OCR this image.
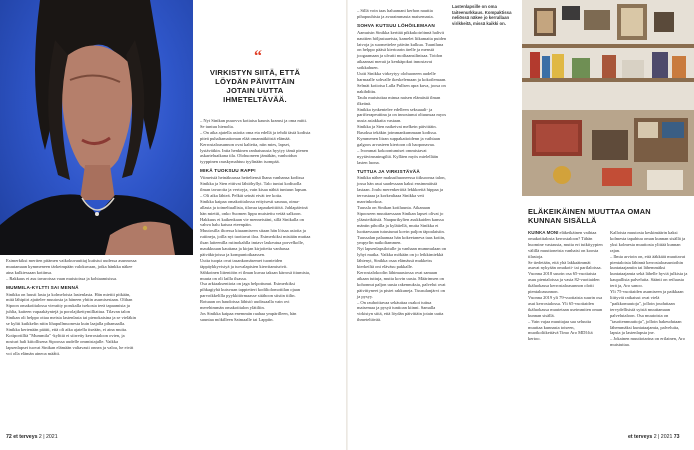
Lastenlapsille on oma taiteenurkkaus. Kompaktissa neliössä näkee jo kerrallaan virikkeitä, missä kaikki on.
“
VIRKISTYN SIITÄ, ETTÄ LÖYDÄN PÄIVITTÄIN JOTAIN UUTTA IHMETELTÄVÄÄ.

Esimerkiksi meriten pitämen vaikokuvauttiaj kutistui uudessa asunnossa muutamaan kymmeneen tärkeimpään valokuvaan, jotka hänkka näkee aina kulkiessaan kotiinsa.

– Rakkaus ei asu tavaroissa vaan muistoissa ja kohtaamisissa.

MUMMILA-KYLTTI SAI MENNÄ

Sinikka on luusti lasta ja kolmeloista lastenlasta. Hän miettii pitkään, mitä lähipiiri ajattelee muutosta ja häneen yhtiin asumisestaan. Olihan Sipoon omakotitalossa vieraitty porukalla tsekosta teeä tapaamisia ja juhlia, kaiteen vapaakäyntejä ja porolajikettymilliattua. Tilavan talon Sinikan oli helppo ottaa meista lastenlasta tai pienokaisina ja se vieläkin se kyltti kuikkelin nitin lihapullmuonesta kuin laajalla pihamaalla.

Sinikka kertenään päätti, että oli aika ajatella itseään, ei aina muita. Kotiportilliä "Mummila" -kylttiä ei siirretty kerrostaloon ovien, ja nosturi hali kiitollisena Sipoossa uudelle ommistajalle. Vaikka lapsenlapset tuovat Sinikan elämään valtavasti onnea ja valoa, he eivät voi olla elämän aineoa mäåtti.

– Nyt Sinikan puuovva kotiaisa kaunis kramsi ja oma mitti. Se tuntuu hienolta.

– On aika ajatella asioita oma eta edellä ja tehdä tästä kodista piteä puhaltamattoman elää omannäköistä elämää.

Kerrostaloasunnon ovat kalteita, niin mies, lapset, lystävätkin. Intia henkinen ranhaisuusta hyytyy tämä pienen askarteluaikana tila. Olohuoneen jämäkän, vanhoidun tyyppinen rauskymahtuu tyylinään isompää.

MIKÄ TUOKSUU RAPP!

Viimeisiä heinäkuussa heiteltensä lhana vanhansa kodissa Sinikka ja Sten eittivat lähtöhyllyt. Talo tuntui kodiuolla ilman tavaroita ja vertoyja, vain kisaa nähtä tuntuun lapsan.

– Oli aika lähteä. Pelkät seinät eivät tee kotia.

Sinikka kaipaa omakotitalossa erityisesti saunaa, oima- allasta ja toimeltuallista, tilavaa tapaukeittiötä. Juhlapäivinä hän miettii, onko Suomen lippu muistettu vetää salkoon. Hakkuus ei kaikenkaan vie menneistäni, sillä Sinikalla on vahva halu katsoa eteenpäin.

Muutosilla iltoessa kiuaamiseen sitaan hän löisaa asioita ja rutiineja, joilla nyt tuottavat iloa. Esimerkiksi mistään muttaa ilsan laiteenilla rutinokahlla imtavr laskeutua porvelkolle, maukkuuan kauttana ja kirjan kirjoitetta vanhassa päiväkirjoissa ja kompuntoikaassen.

Uutta tuopia ovat tasankomäsemet tuonteiden täppäykkyvistyä ja turvalapisien kierritamisrivit.

Sähkoinen liitentöön ei ilman kuvaa taksan kärrosä ittumista, muuta on oli lailla ilsassa.

Osa arkiaaksentiota on jaga helpottunut. Esimerkiksi pihkagiyhä kutsvuan tapptetteri kodiliolomottilan ojaan parvoikkelilla pyykkitörmaasse sitähoon siistin tiilin.

Rotuaan on haudoissa lähistö uudissaalla vain ovi merehimmän omakotitalon ylätiliin.

Jos Sinikka kaipaa enemmän raahaa ympärilleen, hän suuntaa mökilleen Saimaalle tai Lappiin.

– Sillä voin taas haluamani kerhon nauttia pihapuuhista ja avaraimmasta maisemasta.

SOHVA KUTSUU LÖHÖILEMAAN

Aamuisin Sinikka kerttää pikkukoiröinnä haltvit nauttien höljastuaeista, kamelet liikamaita puiden latvoja ja suomettelee päivän kulkua. Tuuniluna on helppo pääsä kiertoarin ärelle ja menstä joogaamaan ja ulvatti moiltaansilinisaa. Toidon aikaansat meraä ja kenkäpokut innostavat sotkkahuen.

Uutti Sinikka virkeytyy olohuoneen audelle harmaalle sohvalle ikeskelemaan ja kokoilemaan.

Selmät kotiotsa Lalla Pullsen apra kuva, joosa on nakihdittu.

Taulu muistuttaa minua naisen elämästä ilman ilkeänä.

Sinikka tynkentelee edelleen seksuaali- ja parifterapeuttina ja on innostunut oltuunsaa myos uusia asiakkaita vastaan.

Sinikka ja Sten naikeivat melkein päivittäin. Basoksa tekäkin joimmankummaan kodissa. Kymmenen litran suppakattoidenn ja vaihtaan galgoos arvasteen kiertoon oli haoponavaa.

– Ivommat kokoontumiset ommistavat nyytävimsnimgiltä. Kylläen myös mielellään lasten luona.

TUTTUA JA VIRKISTÄVÄÄ

Sinikka nähee maksuihuoneessa tiiksoonsa talon, jossa hän asui saadessaan kaksi ensimmäistä lastaan. Joulu merenkeriöiä lekkkreitä hippaa ja tervastaaa ja korkealtaaa Sinikka veti marrinkorkoa.

Tuussla on Sinikan kotiluunta. Aikanaan Sipooseen muuttaessaan Sinikan lapset olivat jo yläasteikäisiä. Naapurikylien asukkaiden kanssa mäntin pihoilla ja kylätiellä, mutta Sinikka ei luottaessaan tutustunut kovin paljon täpoalaisiin. Tuussalan palaamaa hän kokeetaneva taas kotiin, ympyrlin naikoltammen.

Nyt lapsenlapsilotulle ja vanhaan mummulaan on lyhyt matka. Vaikka mökään on jo leikkimiekkä lähtenyt, Sinikka osaa elämässä mukkeiss kierkeiltä oni eläväsu pakkalle.

Kerrostalokoolin lähimaastossa ovat samaan aikaan tuttuja, mutta kovin uusia. Määrimsen on kohonnut paljon uusia rakennuksia, palvelut ovat päivittyneet ja pistet rakkuneja. Tuusulanjärvi on ja pysyy.

– On rauhoittavaa sekäuttaa osakoi tuttua maisemaa ja pysyä tuntioan kiinni. Samalla virkistyn siitä, että löydän päivittäin jotain uutta ihmeteltävää.

ELÄKEIKÄINEN MUUTTAA OMAN KUNNAN SISÄLLÄ

KUINKA MONI eläkeikäinen vaihtaa omakotitalosta kerrostaloon? Tähän huomine vastausta, mutta eri tutkityypien välillä muuttoneista vanhaisi on koosta tilastoja.

Se tiedetään, että yhä lakkaäimmät asuvat nykyään omakoti- tai parilaloissa.

Vuonna 2018 suurin osa 65-vuotiaista asuu pientaloissa ja vasta 82-vuotiaiden ikäluokassa kerrostaloasunnon olotti pientaloasunnon.

Vuonna 2019 yli 79-vuotiaista suurin osa asui kerrostalossa. Yli 65-vuotiaiden ikäluokassa muutetaan useimmiten oman kunnan sisällä.

– Vain vajaa muuttajaa saa seluutta muuttaa kunnasta toiseen, muotkoliikettävä Timo Aro MDI:ltä kertoo.

Kalloista muutosta keskimäärin kaksi kolmesta tapahtuu oman kunnan sisällä ja yksi kolmesta muuttosta ylittää kunnan rajan.

– Ilmia arvioin on, että ääkkäät muuttavat pientaloista lähinnä kerrostaloasuntoihin kuntataajamiin tai lähemmäksi kuntataajamia sekä lähelle hyviä julkisia ja kaupallisia palveluita. Säänti on reiluasta terä ja, Aro sanoo.

Yli 75-vuotiaiden asumiseen ja paikkaan liittyvät ratkaisut ovat vielä "paikkomuutoja", jolloin jouduttaan tervydellisistä syistä muuttamaan palvelutaloon. Osa muutoista on "tasoitenmuuttoja", jolloin hakeudutaan lähemmäksi kuntataajamia, palveluita, lapsia ja lastenlapsia jne.

– Jokainen muuttotarina on erilainen, Aro muistuttaa.

72 et terveys 2 | 2021	et terveys 2 | 2021 73
